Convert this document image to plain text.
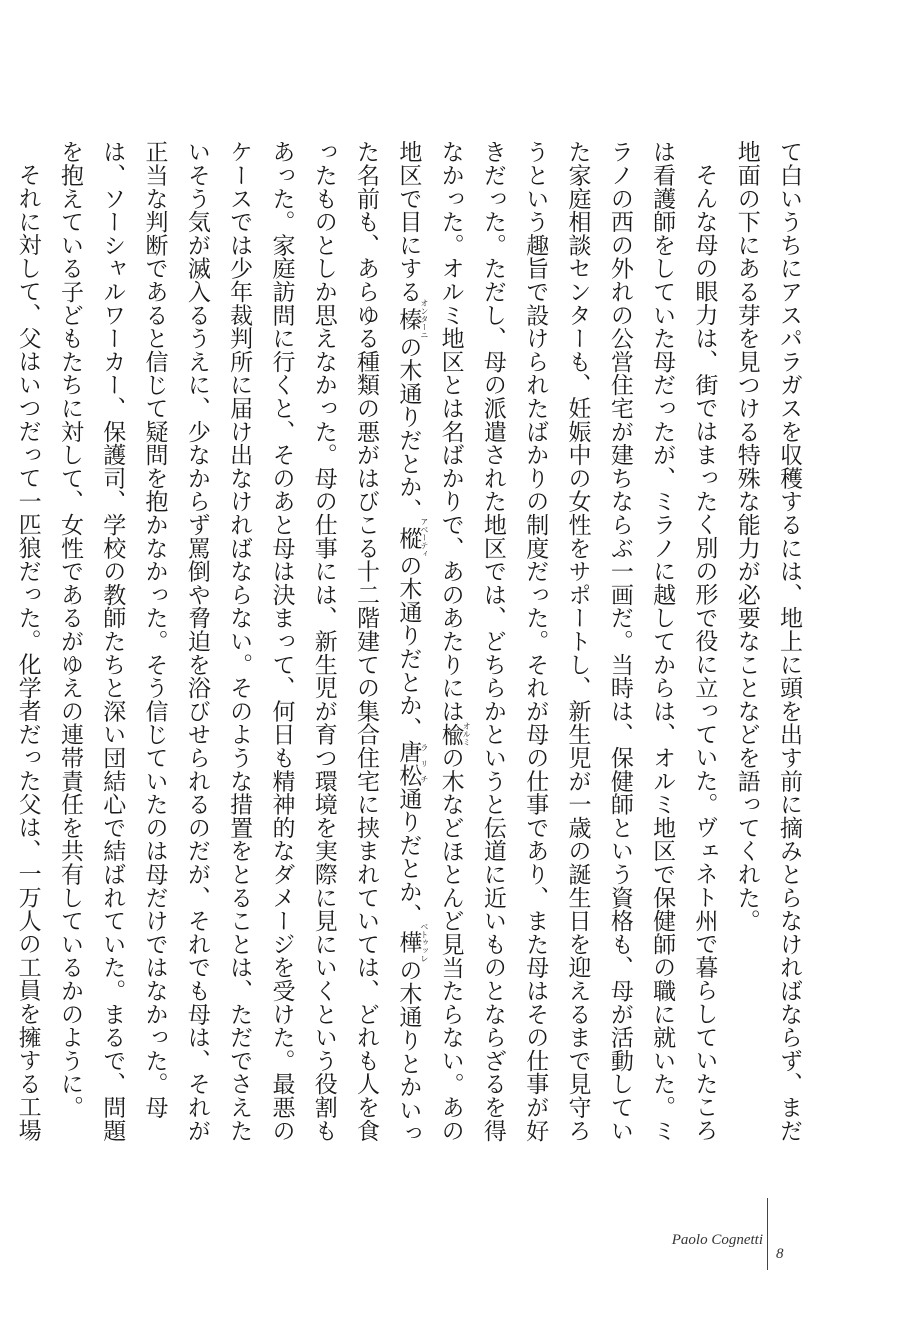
て白いうちにアスパラガスを収穫するには、地上に頭を出す前に摘みとらなければならず、まだ地面の下にある芽を見つける特殊な能力が必要なことなどを語ってくれた。

そんな母の眼力は、街ではまったく別の形で役に立っていた。ヴェネト州で暮らしていたころは看護師をしていた母だったが、ミラノに越してからは、オルミ地区で保健師の職に就いた。ミラノの西の外れの公営住宅が建ちならぶ一画だ。当時は、保健師という資格も、母が活動していた家庭相談センターも、妊娠中の女性をサポートし、新生児が一歳の誕生日を迎えるまで見守ろうという趣旨で設けられたばかりの制度だった。それが母の仕事であり、また母はその仕事が好きだった。ただし、母の派遣された地区では、どちらかというと伝道に近いものとならざるを得なかった。オルミ地区とは名ばかりで、あのあたりには楡オルミの木などほとんど見当たらない。あの地区で目にする榛オンターニの木通りだとか、樅アベーティの木通りだとか、唐松ラリチ通りだとか、樺ベトゥッレの木通りとかいった名前も、あらゆる種類の悪がはびこる十二階建ての集合住宅に挟まれていては、どれも人を食ったものとしか思えなかった。母の仕事には、新生児が育つ環境を実際に見にいくという役割もあった。家庭訪問に行くと、そのあと母は決まって、何日も精神的なダメージを受けた。最悪のケースでは少年裁判所に届け出なければならない。そのような措置をとることは、ただでさえたいそう気が滅入るうえに、少なからず罵倒や脅迫を浴びせられるのだが、それでも母は、それが正当な判断であると信じて疑問を抱かなかった。そう信じていたのは母だけではなかった。母は、ソーシャルワーカー、保護司、学校の教師たちと深い団結心で結ばれていた。まるで、問題を抱えている子どもたちに対して、女性であるがゆえの連帯責任を共有しているかのように。

それに対して、父はいつだって一匹狼だった。化学者だった父は、一万人の工員を擁する工場

Paolo Cognetti
8
